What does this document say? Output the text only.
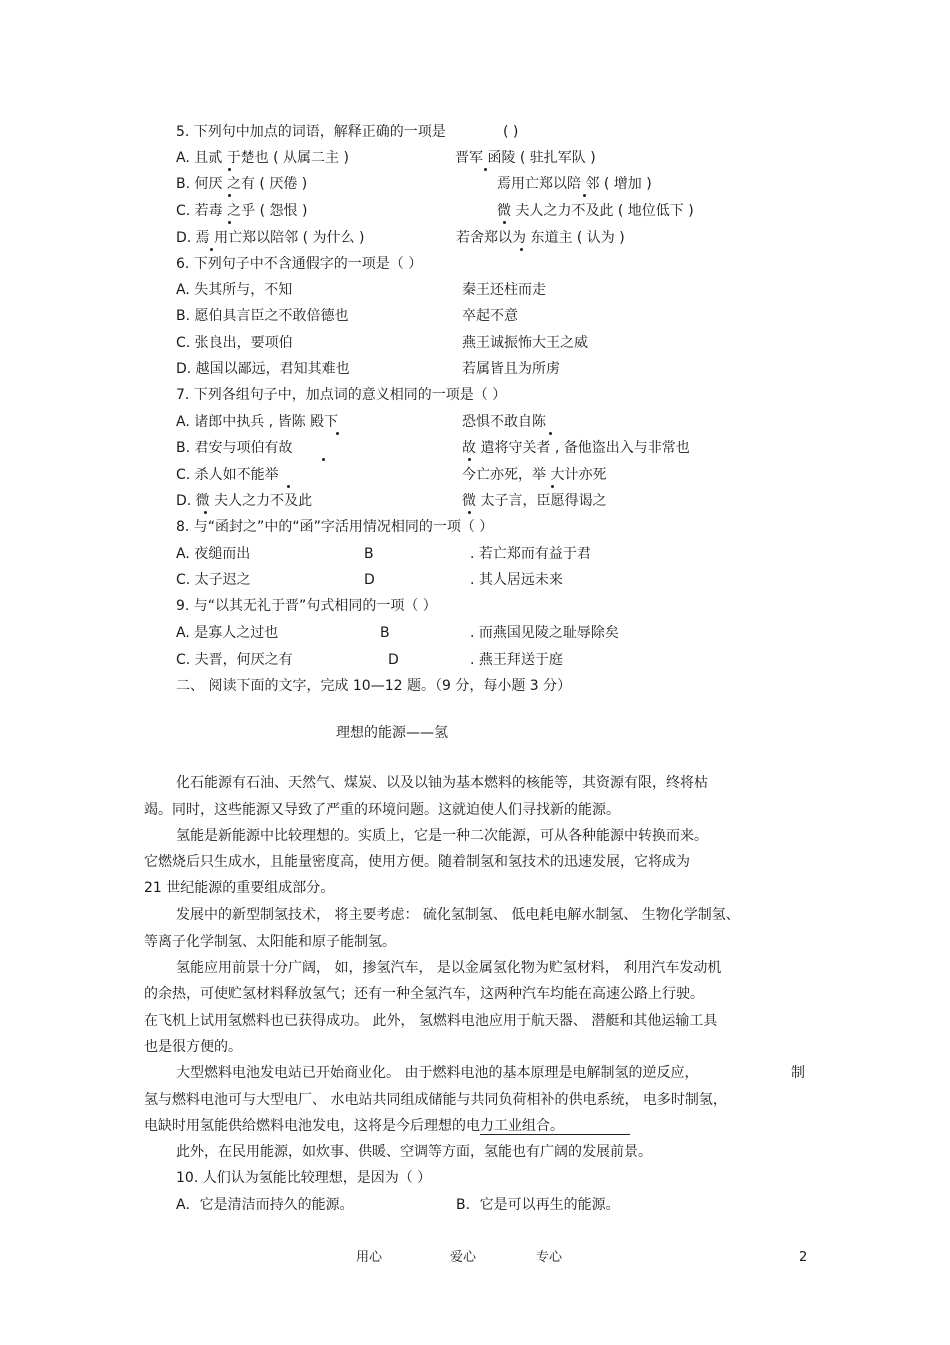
5. 下列句中加点的词语，解释正确的一项是	( )
A. 且贰 于楚也 ( 从属二主 )	晋军 函陵 ( 驻扎军队 )
B. 何厌 之有 ( 厌倦 )	焉用亡郑以陪 邻 ( 增加 )
C. 若毒 之乎 ( 怨恨 )	微 夫人之力不及此 ( 地位低下 )
D. 焉 用亡郑以陪邻 ( 为什么 )	若舍郑以为 东道主 ( 认为 )
6. 下列句子中不含通假字的一项是（ ）
A. 失其所与，不知	秦王还柱而走
B. 愿伯具言臣之不敢倍德也	卒起不意
C. 张良出，要项伯	燕王诚振怖大王之威
D. 越国以鄙远，君知其难也	若属皆且为所虏
7. 下列各组句子中，加点词的意义相同的一项是（ ）
A. 诸郎中执兵 , 皆陈 殿下	恐惧不敢自陈
B. 君安与项伯有故	故 遣将守关者 , 备他盗出入与非常也
C. 杀人如不能举	今亡亦死，举 大计亦死
D. 微 夫人之力不及此	微 太子言，臣愿得谒之
8. 与“函封之”中的“函”字活用情况相同的一项（ ）
A. 夜缒而出	B	. 若亡郑而有益于君
C. 太子迟之	D	. 其人居远未来
9. 与“以其无礼于晋”句式相同的一项（ ）
A. 是寡人之过也	B	. 而燕国见陵之耻辱除矣
C. 夫晋，何厌之有	D	. 燕王拜送于庭
二、 阅读下面的文字，完成 10—12 题。（9 分，每小题 3 分）
理想的能源——氢
化石能源有石油、天然气、煤炭、以及以铀为基本燃料的核能等，其资源有限，终将枯
竭。同时，这些能源又导致了严重的环境问题。这就迫使人们寻找新的能源。
氢能是新能源中比较理想的。实质上，它是一种二次能源，可从各种能源中转换而来。
它燃烧后只生成水，且能量密度高，使用方便。随着制氢和氢技术的迅速发展，它将成为
21 世纪能源的重要组成部分。
发展中的新型制氢技术， 将主要考虑： 硫化氢制氢、 低电耗电解水制氢、 生物化学制氢、
等离子化学制氢、太阳能和原子能制氢。
氢能应用前景十分广阔， 如，掺氢汽车， 是以金属氢化物为贮氢材料， 利用汽车发动机
的余热，可使贮氢材料释放氢气；还有一种全氢汽车，这两种汽车均能在高速公路上行驶。
在飞机上试用氢燃料也已获得成功。 此外， 氢燃料电池应用于航天器、 潜艇和其他运输工具
也是很方便的。
大型燃料电池发电站已开始商业化。 由于燃料电池的基本原理是电解制氢的逆反应，	制
氢与燃料电池可与大型电厂、 水电站共同组成储能与共同负荷相补的供电系统， 电多时制氢，
电缺时用氢能供给燃料电池发电，这将是今后理想的电力工业组合。
此外，在民用能源，如炊事、供暖、空调等方面，氢能也有广阔的发展前景。
10. 人们认为氢能比较理想，是因为（ ）
A．它是清洁而持久的能源。	B．它是可以再生的能源。
用心	爱心	专心	2
